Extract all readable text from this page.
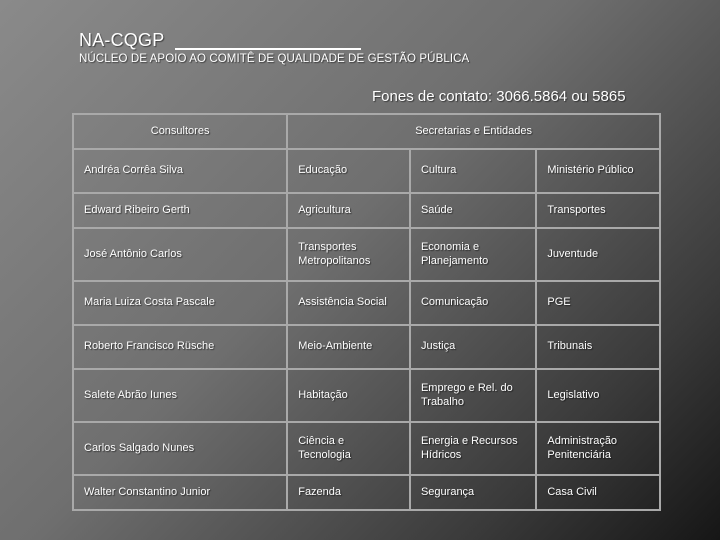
NA-CQGP
NÚCLEO DE APOIO AO COMITÊ DE QUALIDADE DE GESTÃO PÚBLICA
Fones de contato: 3066.5864 ou 5865
Consultores	Secretarias e Entidades		
Andréa Corrêa Silva	Educação	Cultura	Ministério Público
Edward Ribeiro Gerth	Agricultura	Saúde	Transportes
José Antônio Carlos	Transportes Metropolitanos	Economia e Planejamento	Juventude
Maria Luiza Costa Pascale	Assistência Social	Comunicação	PGE
Roberto Francisco Rüsche	Meio-Ambiente	Justiça	Tribunais
Salete Abrão Iunes	Habitação	Emprego e Rel. do Trabalho	Legislativo
Carlos Salgado Nunes	Ciência e Tecnologia	Energia e Recursos Hídricos	Administração Penitenciária
Walter Constantino Junior	Fazenda	Segurança	Casa Civil
